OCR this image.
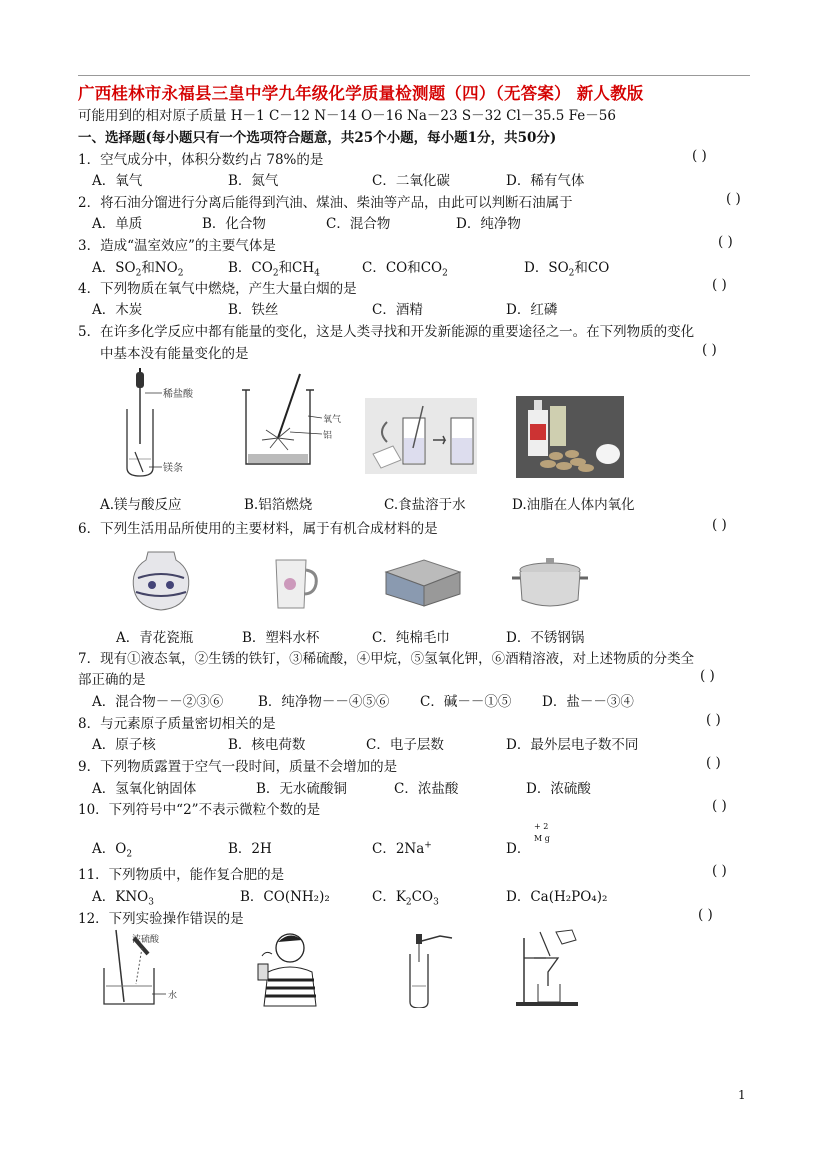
广西桂林市永福县三皇中学九年级化学质量检测题（四）（无答案） 新人教版
可能用到的相对原子质量 H－1 C－12 N－14 O－16 Na－23 S－32 Cl－35.5 Fe－56
一、选择题(每小题只有一个选项符合题意，共25个小题，每小题1分，共50分)
1．空气成分中，体积分数约占 78%的是	( )
A．氧气	B．氮气	C．二氧化碳	D．稀有气体
2．将石油分馏进行分离后能得到汽油、煤油、柴油等产品，由此可以判断石油属于	( )
A．单质	B．化合物	C．混合物	D．纯净物
3．造成“温室效应”的主要气体是	( )
A．$SO_2$和$NO_2$	B．$CO_2$和$CH_4$	C．CO和$CO_2$	D．$SO_2$和CO
4．下列物质在氧气中燃烧，产生大量白烟的是	( )
A．木炭	B．铁丝	C．酒精	D．红磷
5．在许多化学反应中都有能量的变化，这是人类寻找和开发新能源的重要途径之一。在下列物质的变化
中基本没有能量变化的是	( )
稀盐酸
镁条
氧气
铝
A.镁与酸反应	B.铝箔燃烧	C.食盐溶于水	D.油脂在人体内氧化
6．下列生活用品所使用的主要材料，属于有机合成材料的是	( )
A．青花瓷瓶	B．塑料水杯	C．纯棉毛巾	D．不锈钢锅
7．现有①液态氧，②生锈的铁钉，③稀硫酸，④甲烷，⑤氢氧化钾，⑥酒精溶液，对上述物质的分类全
部正确的是	( )
A．混合物－－②③⑥	B．纯净物－－④⑤⑥ C．碱－－①⑤ D．盐－－③④
8．与元素原子质量密切相关的是	( )
A．原子核	B．核电荷数	C．电子层数	D．最外层电子数不同
9．下列物质露置于空气一段时间，质量不会增加的是	( )
A．氢氧化钠固体	B．无水硫酸铜	C．浓盐酸	D．浓硫酸
10．下列符号中“2”不表示微粒个数的是	( )
A．$O_2$	B．2H	C．2Na+	D．
+ 2
M g
11．下列物质中，能作复合肥的是	( )
A．$KNO_3$	B．CO(NH₂)₂	C．$K_2CO_3$	D．Ca(H₂PO₄)₂
12．下列实验操作错误的是	( )
浓硫酸
水
1
